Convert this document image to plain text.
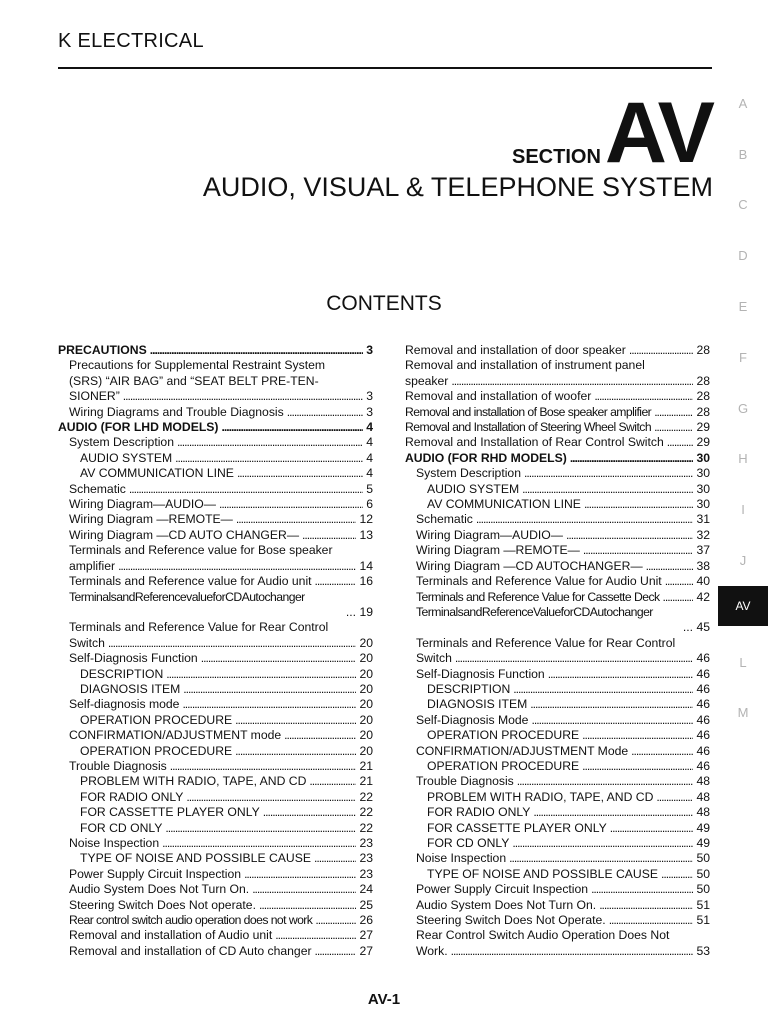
K ELECTRICAL
SECTION AV
AUDIO, VISUAL & TELEPHONE SYSTEM
CONTENTS
PRECAUTIONS . . .	3
Precautions for Supplemental Restraint System
(SRS) “AIR BAG” and “SEAT BELT PRE-TEN-
SIONER” . . .	3
Wiring Diagrams and Trouble Diagnosis . . .	3
AUDIO (FOR LHD MODELS) . . .	4
System Description . . .	4
AUDIO SYSTEM . . .	4
AV COMMUNICATION LINE . . .	4
Schematic . . .	5
Wiring Diagram—AUDIO— . . .	6
Wiring Diagram —REMOTE— . . .	12
Wiring Diagram —CD AUTO CHANGER— . . .	13
Terminals and Reference value for Bose speaker
amplifier . . .	14
Terminals and Reference value for Audio unit . . .	16
TerminalsandReferencevalueforCDAutochanger
... 19
Terminals and Reference Value for Rear Control
Switch . . .	20
Self-Diagnosis Function . . .	20
DESCRIPTION . . .	20
DIAGNOSIS ITEM . . .	20
Self-diagnosis mode . . .	20
OPERATION PROCEDURE . . .	20
CONFIRMATION/ADJUSTMENT mode . . .	20
OPERATION PROCEDURE . . .	20
Trouble Diagnosis . . .	21
PROBLEM WITH RADIO, TAPE, AND CD . . .	21
FOR RADIO ONLY . . .	22
FOR CASSETTE PLAYER ONLY . . .	22
FOR CD ONLY . . .	22
Noise Inspection . . .	23
TYPE OF NOISE AND POSSIBLE CAUSE . . .	23
Power Supply Circuit Inspection . . .	23
Audio System Does Not Turn On. . . .	24
Steering Switch Does Not operate. . . .	25
Rear control switch audio operation does not work . . .	26
Removal and installation of Audio unit . . .	27
Removal and installation of CD Auto changer . . .	27
Removal and installation of door speaker . . .	28
Removal and installation of instrument panel
speaker . . .	28
Removal and installation of woofer . . .	28
Removal and installation of Bose speaker amplifier . . .	28
Removal and Installation of Steering Wheel Switch . . .	29
Removal and Installation of Rear Control Switch . . .	29
AUDIO (FOR RHD MODELS) . . .	30
System Description . . .	30
AUDIO SYSTEM . . .	30
AV COMMUNICATION LINE . . .	30
Schematic . . .	31
Wiring Diagram—AUDIO— . . .	32
Wiring Diagram —REMOTE— . . .	37
Wiring Diagram —CD AUTOCHANGER— . . .	38
Terminals and Reference Value for Audio Unit . . .	40
Terminals and Reference Value for Cassette Deck . . .	42
TerminalsandReferenceValueforCDAutochanger
... 45
Terminals and Reference Value for Rear Control
Switch . . .	46
Self-Diagnosis Function . . .	46
DESCRIPTION . . .	46
DIAGNOSIS ITEM . . .	46
Self-Diagnosis Mode . . .	46
OPERATION PROCEDURE . . .	46
CONFIRMATION/ADJUSTMENT Mode . . .	46
OPERATION PROCEDURE . . .	46
Trouble Diagnosis . . .	48
PROBLEM WITH RADIO, TAPE, AND CD . . .	48
FOR RADIO ONLY . . .	48
FOR CASSETTE PLAYER ONLY . . .	49
FOR CD ONLY . . .	49
Noise Inspection . . .	50
TYPE OF NOISE AND POSSIBLE CAUSE . . .	50
Power Supply Circuit Inspection . . .	50
Audio System Does Not Turn On. . . .	51
Steering Switch Does Not Operate. . . .	51
Rear Control Switch Audio Operation Does Not
Work. . . .	53
A
B
C
D
E
F
G
H
I
J
L
M
AV
AV-1
